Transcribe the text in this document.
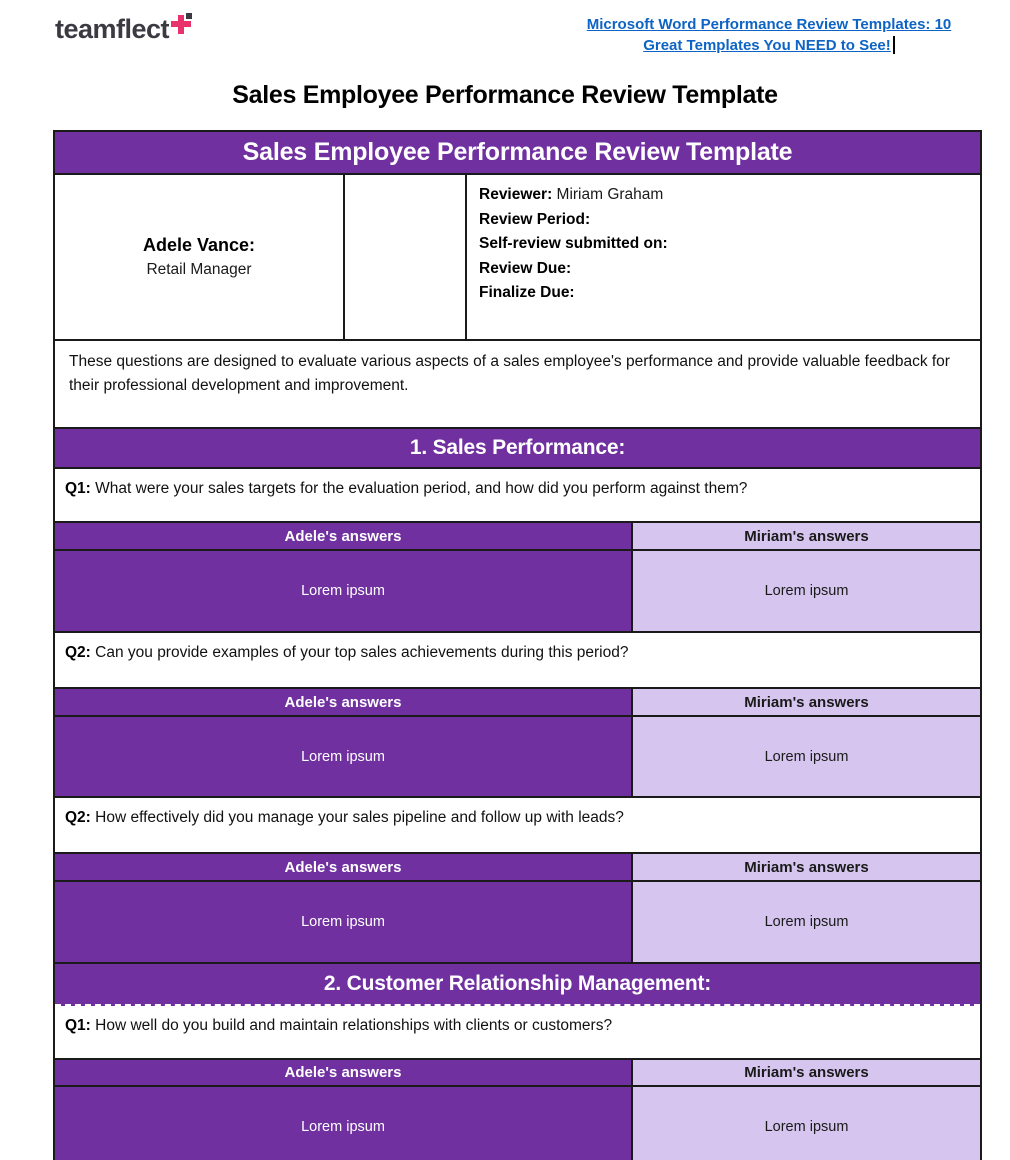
teamflect	Microsoft Word Performance Review Templates: 10
Great Templates You NEED to See!
Sales Employee Performance Review Template
Sales Employee Performance Review Template
Adele Vance:
Retail Manager
Reviewer: Miriam Graham
Review Period:
Self-review submitted on:
Review Due:
Finalize Due:
These questions are designed to evaluate various aspects of a sales employee's performance and provide valuable feedback for their professional development and improvement.
1. Sales Performance:
Q1: What were your sales targets for the evaluation period, and how did you perform against them?
Adele's answers	Miriam's answers
Lorem ipsum	Lorem ipsum
Q2: Can you provide examples of your top sales achievements during this period?
Adele's answers	Miriam's answers
Lorem ipsum	Lorem ipsum
Q2: How effectively did you manage your sales pipeline and follow up with leads?
Adele's answers	Miriam's answers
Lorem ipsum	Lorem ipsum
2. Customer Relationship Management:
Q1: How well do you build and maintain relationships with clients or customers?
Adele's answers	Miriam's answers
Lorem ipsum	Lorem ipsum
